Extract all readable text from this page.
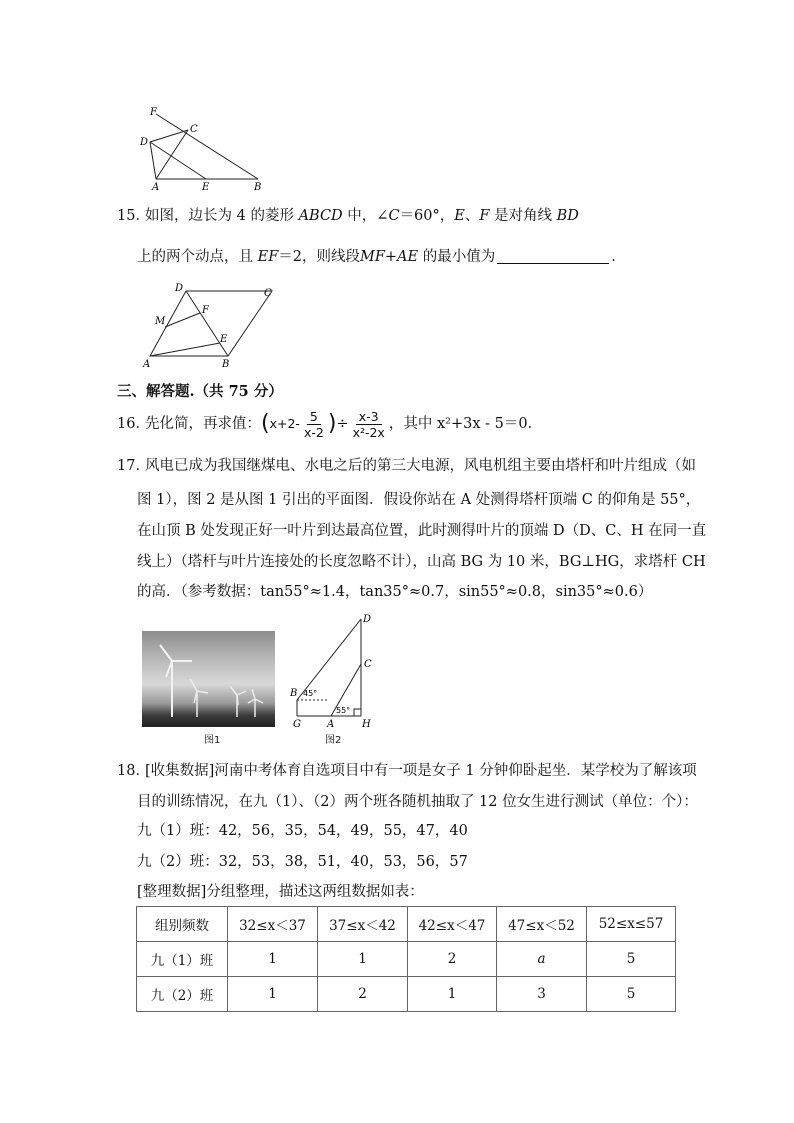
F
C
D
A	E	B
15．
如图，边长为 4 的菱形 ABCD 中，∠C＝60°，E、F 是对角线 BD
上的两个动点，且 EF＝2，则线段MF+AE 的最小值为	．
D	C
M
F
E
A	B
三、解答题.（共 75 分）
16．
先化简，再求值：($x+2- \frac{5}{x-2}$ )÷ $\frac{x-3}{\text{x²-2x}}$ ，其中 x²+3x - 5＝0．
17．
风电已成为我国继煤电、水电之后的第三大电源，风电机组主要由塔杆和叶片组成（如
图 1），图 2 是从图 1 引出的平面图．假设你站在 A 处测得塔杆顶端 C 的仰角是 55°，
在山顶 B 处发现正好一叶片到达最高位置，此时测得叶片的顶端 D（D、C、H 在同一直
线上）（塔杆与叶片连接处的长度忽略不计），山高 BG 为 10 米，BG⊥HG，求塔杆 CH
的高．（参考数据：tan55°≈1.4，tan35°≈0.7，sin55°≈0.8，sin35°≈0.6）
图1
D
C
B 45°
55°
G	A	H
图2
18．
[收集数据]河南中考体育自选项目中有一项是女子 1 分钟仰卧起坐．某学校为了解该项
目的训练情况，在九（1）、（2）两个班各随机抽取了 12 位女生进行测试（单位：个）：
九（1）班：42，56，35，54，49，55，47，40
九（2）班：32，53，38，51，40，53，56，57
[整理数据]分组整理，描述这两组数据如表：
组别频数	32≤x＜37	37≤x＜42	42≤x＜47	47≤x＜52	52≤x≤57
九（1）班	1	1	2	a	5
九（2）班	1	2	1	3	5
